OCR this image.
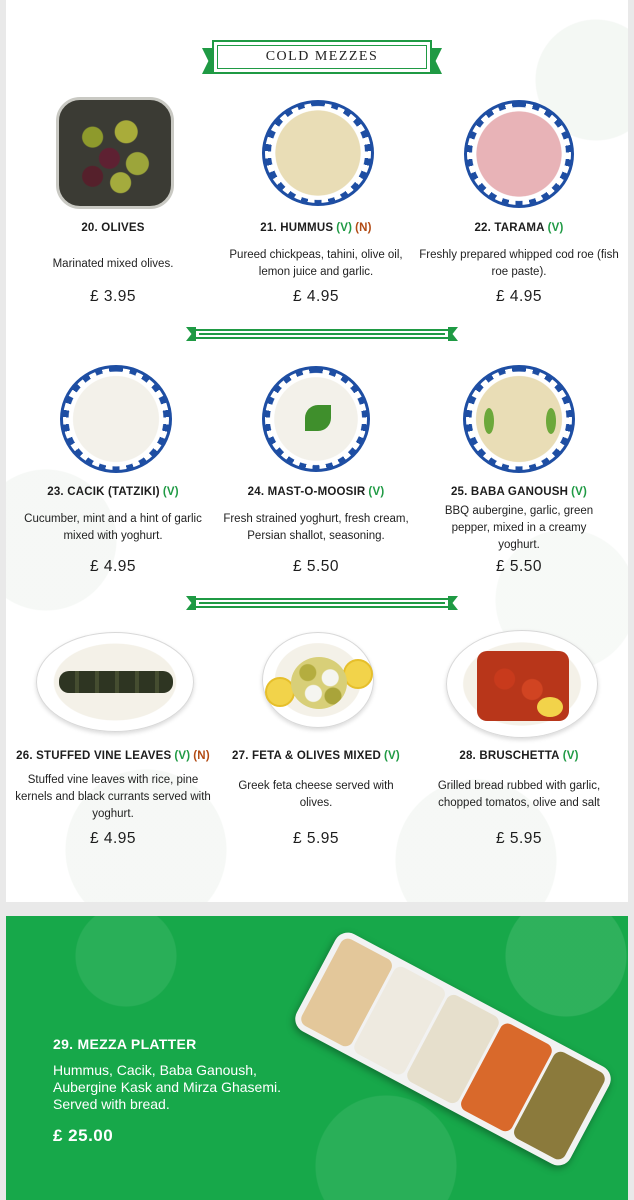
COLD MEZZES
20. OLIVES
Marinated mixed olives.
£ 3.95
21. HUMMUS (V) (N)
Pureed chickpeas, tahini, olive oil, lemon juice and garlic.
£ 4.95
22. TARAMA (V)
Freshly prepared whipped cod roe (fish roe paste).
£ 4.95
23. CACIK (TATZIKI) (V)
Cucumber, mint and a hint of garlic mixed with yoghurt.
£ 4.95
24. MAST-O-MOOSIR (V)
Fresh strained yoghurt, fresh cream, Persian shallot, seasoning.
£ 5.50
25. BABA GANOUSH (V)
BBQ aubergine, garlic, green pepper, mixed in a creamy yoghurt.
£ 5.50
26. STUFFED VINE LEAVES (V) (N)
Stuffed vine leaves with rice, pine kernels and black currants served with yoghurt.
£ 4.95
27. FETA & OLIVES MIXED (V)
Greek feta cheese served with olives.
£ 5.95
28. BRUSCHETTA (V)
Grilled bread rubbed with garlic, chopped tomatos, olive and salt
£ 5.95
29. MEZZA PLATTER
Hummus, Cacik, Baba Ganoush, Aubergine Kask and Mirza Ghasemi. Served with bread.
£ 25.00
